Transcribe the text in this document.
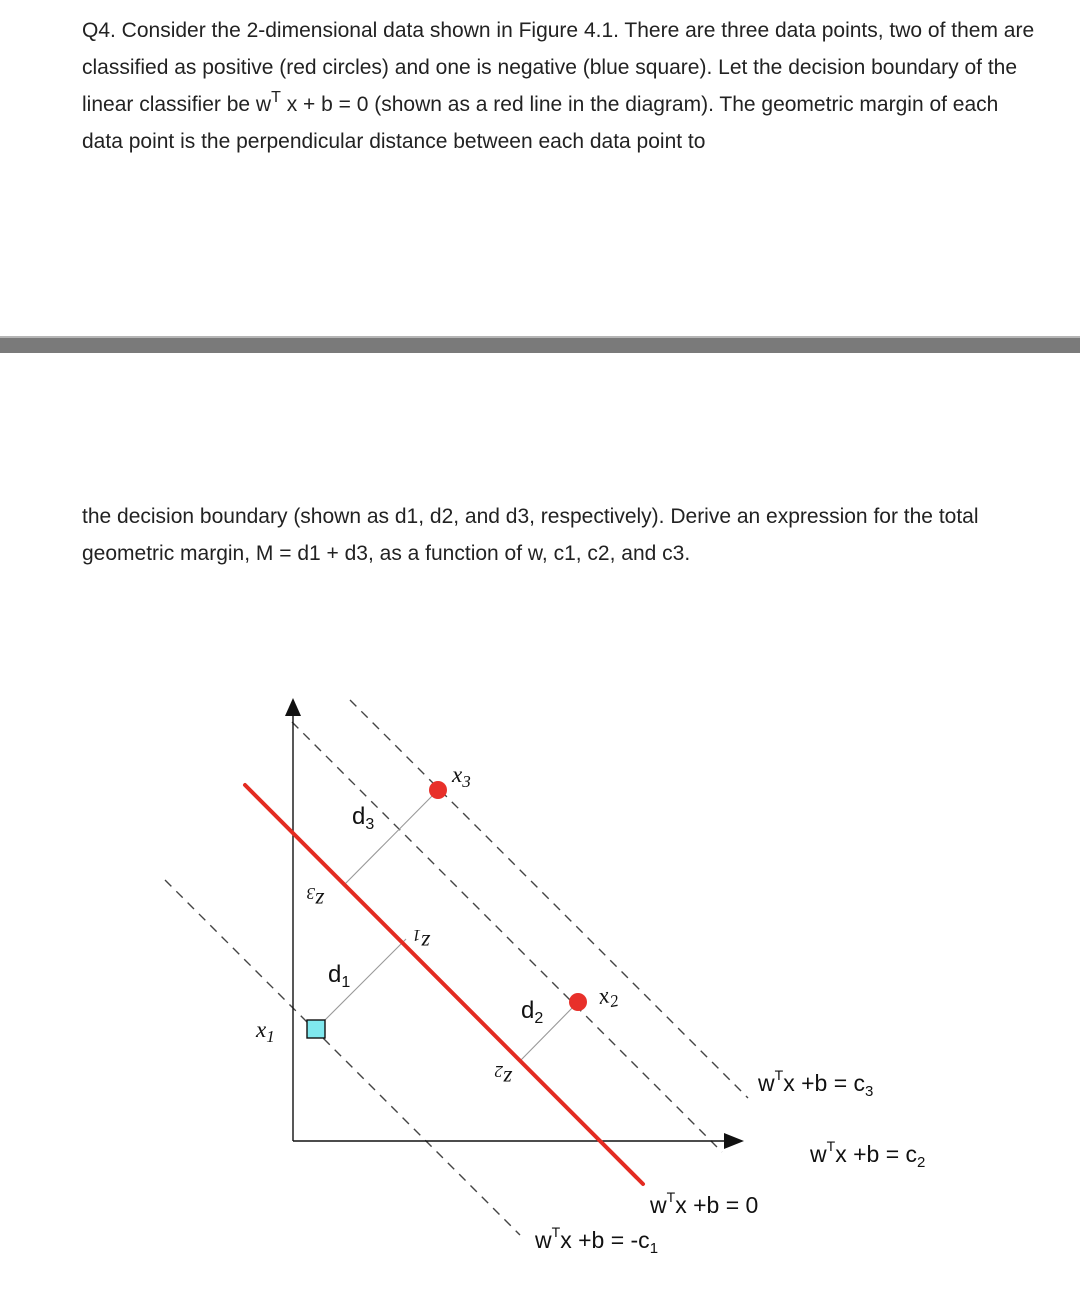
Q4. Consider the 2-dimensional data shown in Figure 4.1. There are three data points, two of them are classified as positive (red circles) and one is negative (blue square). Let the decision boundary of the linear classifier be $w^T$ x + b = 0 (shown as a red line in the diagram). The geometric margin of each data point is the perpendicular distance between each data point to

the decision boundary (shown as d1, d2, and d3, respectively). Derive an expression for the total geometric margin, M = d1 + d3, as a function of w, c1, c2, and c3.

$x_3$
$x_2$
$x_1$
$z_3$
$z_1$
$z_2$
$d_3$
$d_1$
$d_2$
$w^Tx +b = c_3$
$w^Tx +b = c_2$
$w^Tx +b = 0$
$w^Tx +b = -c_1$
